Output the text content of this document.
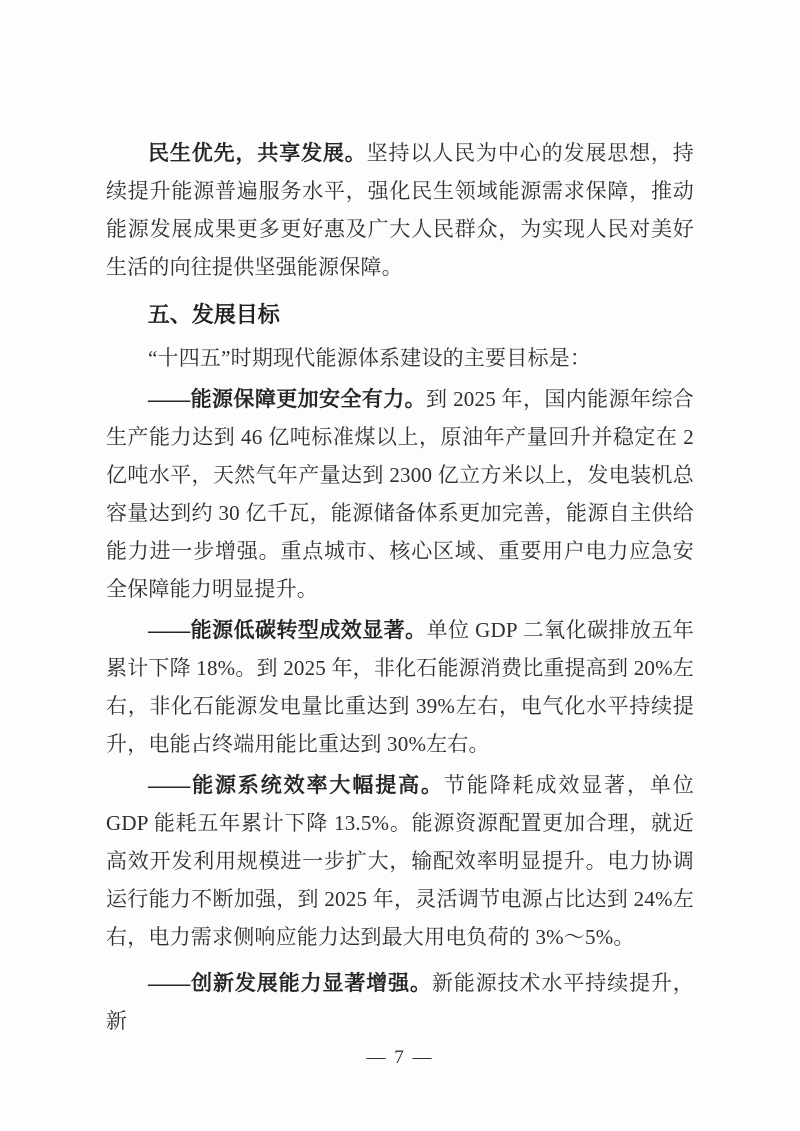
民生优先，共享发展。坚持以人民为中心的发展思想，持续提升能源普遍服务水平，强化民生领域能源需求保障，推动能源发展成果更多更好惠及广大人民群众，为实现人民对美好生活的向往提供坚强能源保障。

五、发展目标

“十四五”时期现代能源体系建设的主要目标是：

——能源保障更加安全有力。到 2025 年，国内能源年综合生产能力达到 46 亿吨标准煤以上，原油年产量回升并稳定在 2 亿吨水平，天然气年产量达到 2300 亿立方米以上，发电装机总容量达到约 30 亿千瓦，能源储备体系更加完善，能源自主供给能力进一步增强。重点城市、核心区域、重要用户电力应急安全保障能力明显提升。

——能源低碳转型成效显著。单位 GDP 二氧化碳排放五年累计下降 18%。到 2025 年，非化石能源消费比重提高到 20%左右，非化石能源发电量比重达到 39%左右，电气化水平持续提升，电能占终端用能比重达到 30%左右。

——能源系统效率大幅提高。节能降耗成效显著，单位 GDP 能耗五年累计下降 13.5%。能源资源配置更加合理，就近高效开发利用规模进一步扩大，输配效率明显提升。电力协调运行能力不断加强，到 2025 年，灵活调节电源占比达到 24%左右，电力需求侧响应能力达到最大用电负荷的 3%～5%。

——创新发展能力显著增强。新能源技术水平持续提升，新

— 7 —
